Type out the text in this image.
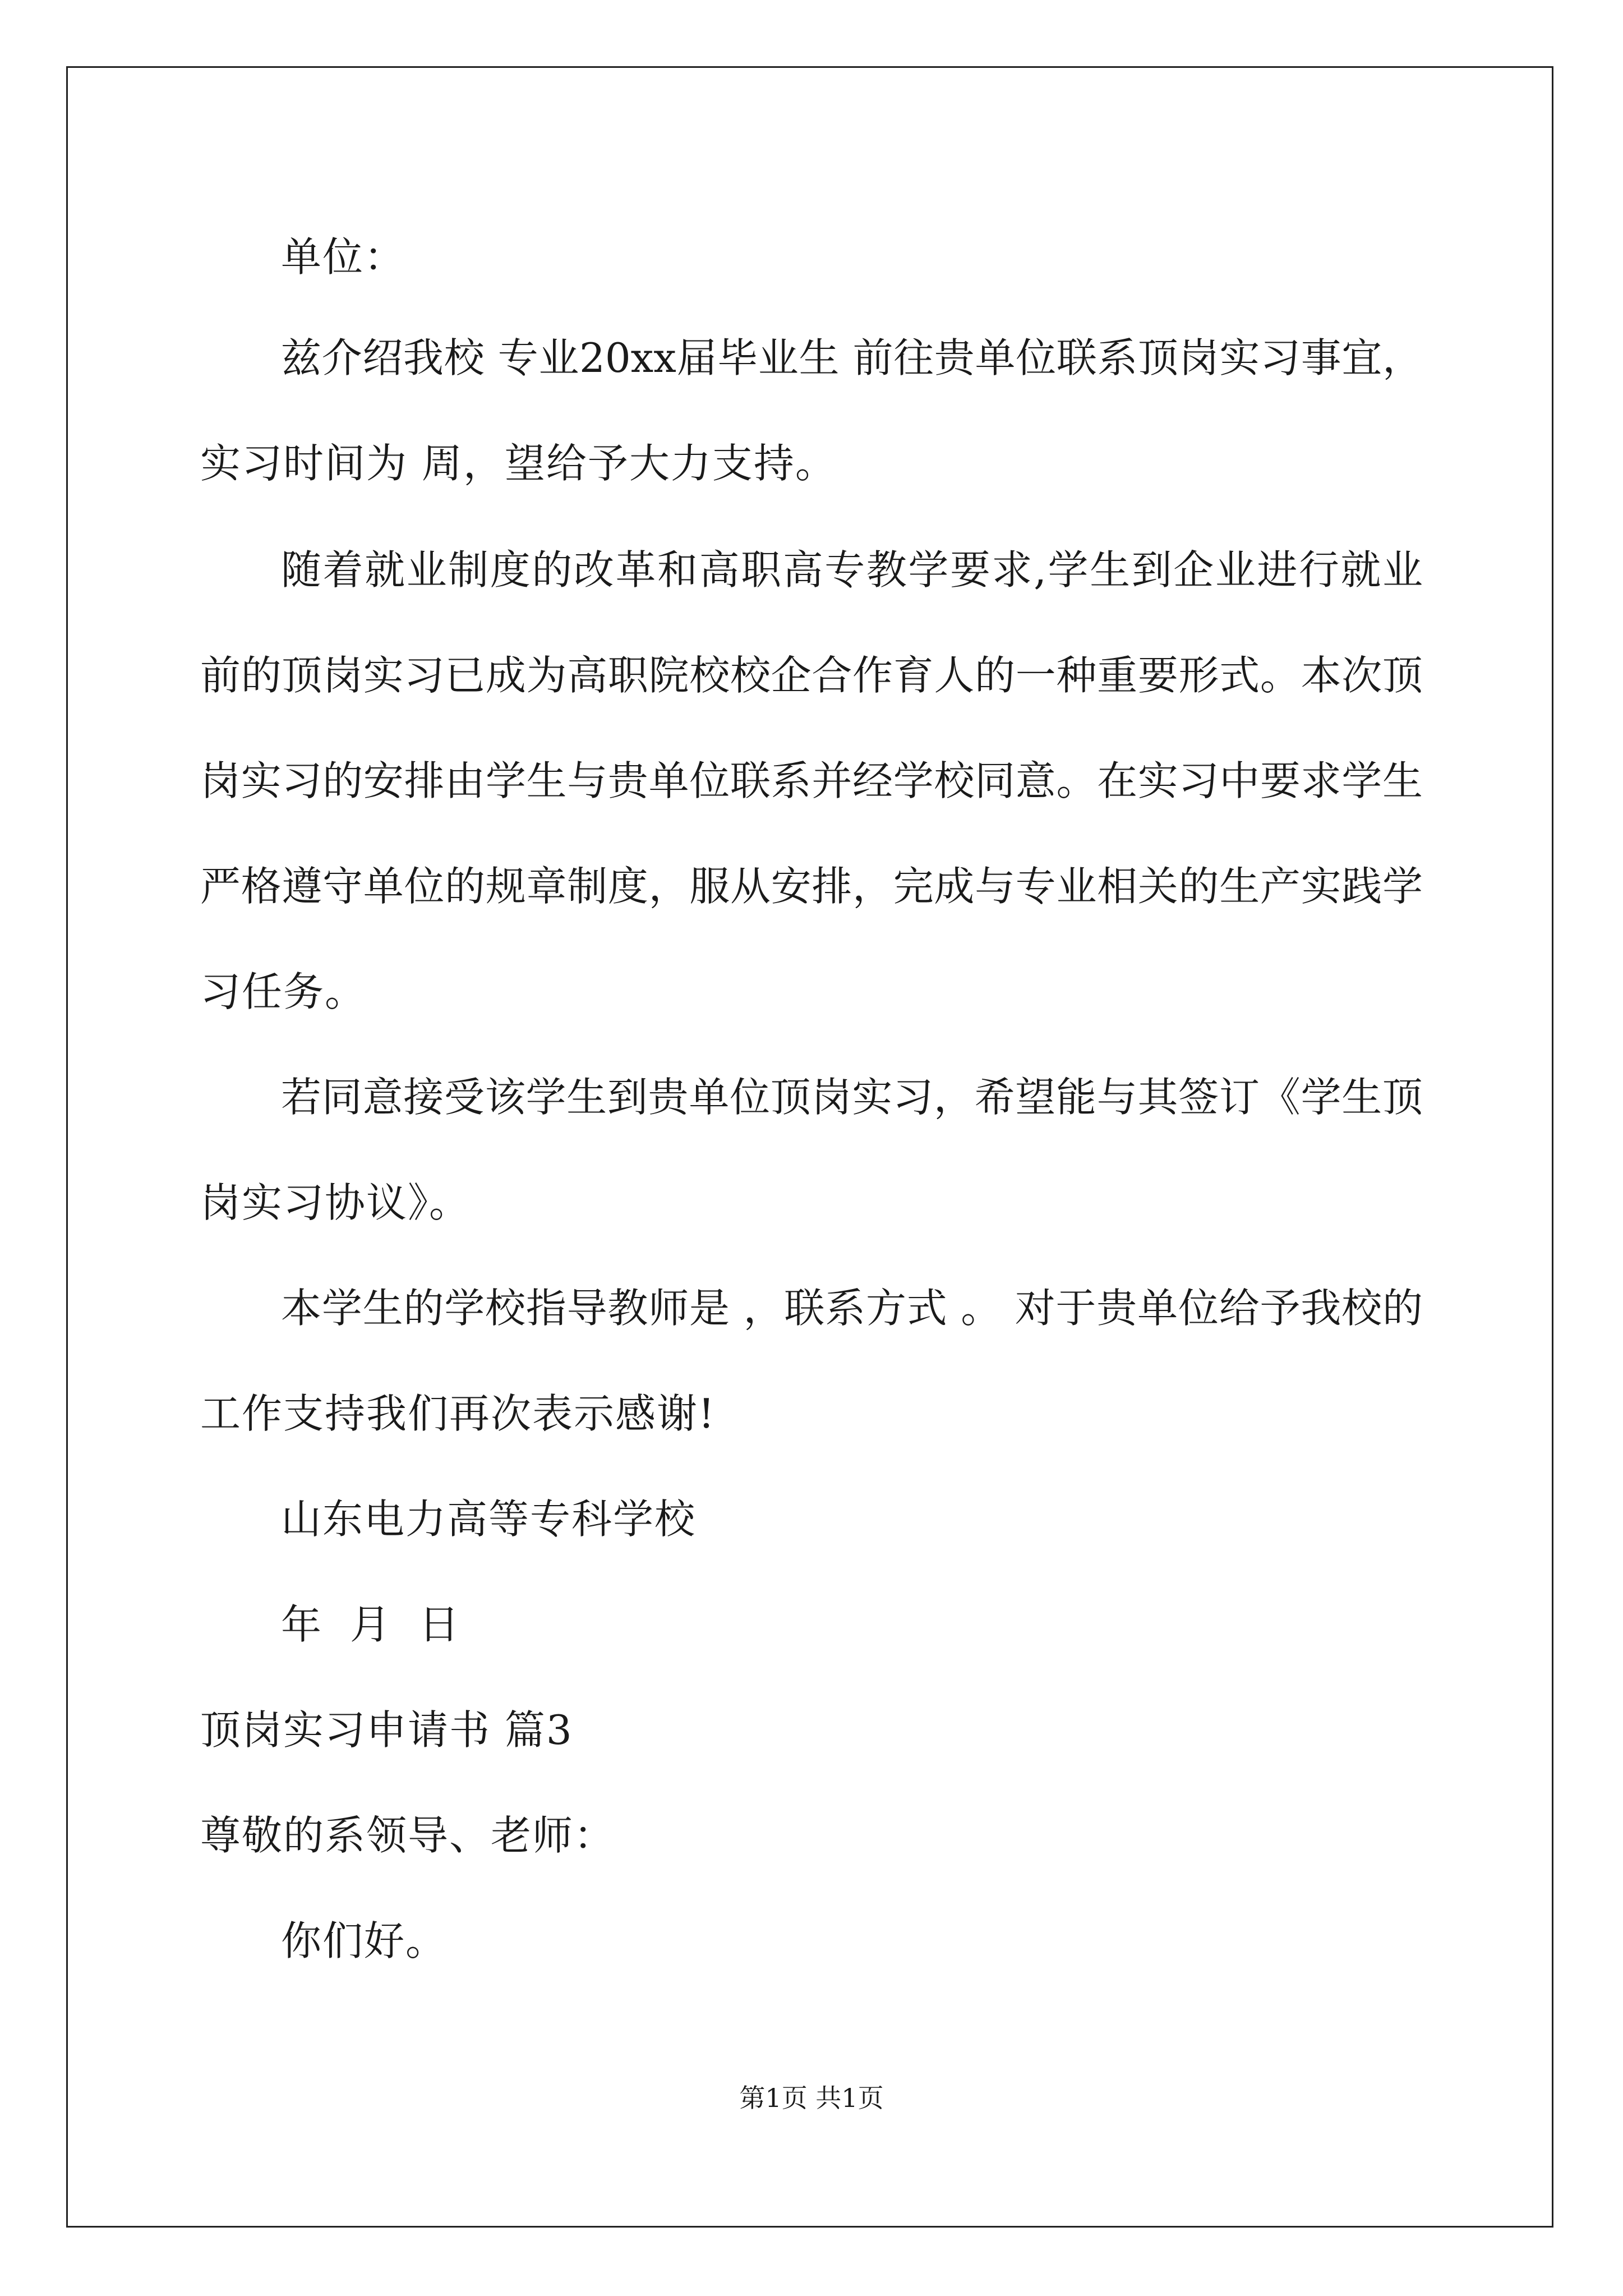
单位：
兹介绍我校 专业20xx届毕业生 前往贵单位联系顶岗实习事宜，
实习时间为 周，望给予大力支持。
随着就业制度的改革和高职高专教学要求,学生到企业进行就业
前的顶岗实习已成为高职院校校企合作育人的一种重要形式。本次顶
岗实习的安排由学生与贵单位联系并经学校同意。在实习中要求学生
严格遵守单位的规章制度，服从安排，完成与专业相关的生产实践学
习任务。
若同意接受该学生到贵单位顶岗实习，希望能与其签订《学生顶
岗实习协议》。
本学生的学校指导教师是 ，联系方式 。 对于贵单位给予我校的
工作支持我们再次表示感谢!
山东电力高等专科学校
年 月 日
顶岗实习申请书 篇3
尊敬的系领导、老师：
你们好。
第1页 共1页
